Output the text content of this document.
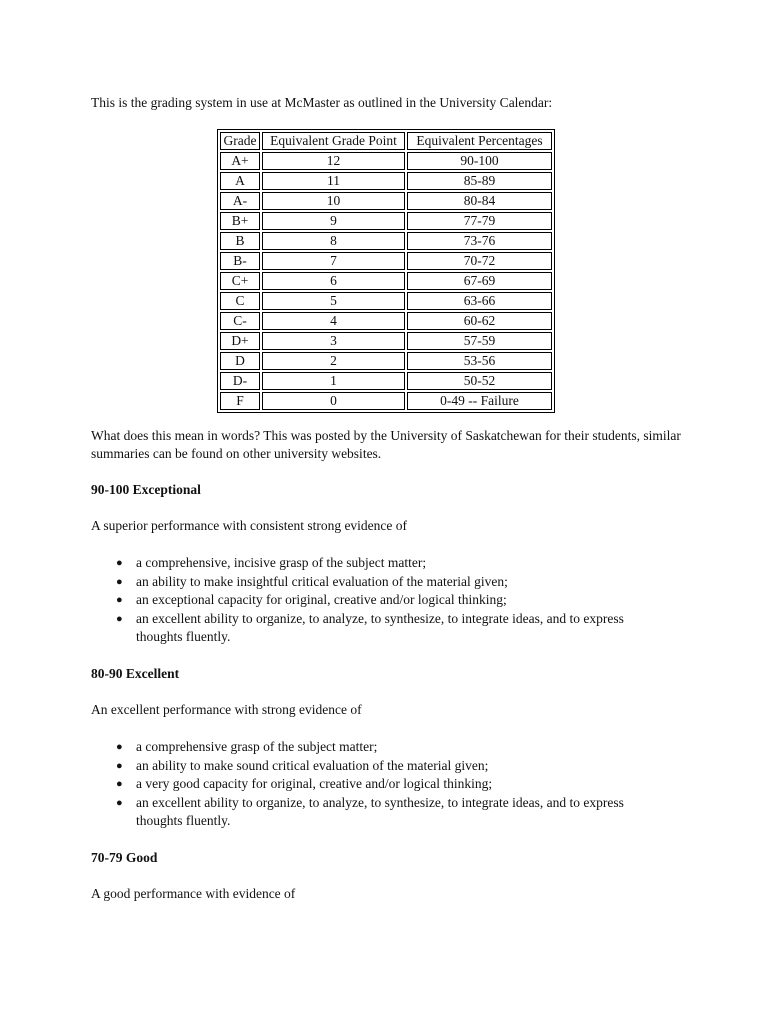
This is the grading system in use at McMaster as outlined in the University Calendar:

Grade	Equivalent Grade Point	Equivalent Percentages
A+	12	90-100
A	11	85-89
A-	10	80-84
B+	9	77-79
B	8	73-76
B-	7	70-72
C+	6	67-69
C	5	63-66
C-	4	60-62
D+	3	57-59
D	2	53-56
D-	1	50-52
F	0	0-49 -- Failure

What does this mean in words? This was posted by the University of Saskatchewan for their students, similar summaries can be found on other university websites.

90-100 Exceptional

A superior performance with consistent strong evidence of

● a comprehensive, incisive grasp of the subject matter;
● an ability to make insightful critical evaluation of the material given;
● an exceptional capacity for original, creative and/or logical thinking;
● an excellent ability to organize, to analyze, to synthesize, to integrate ideas, and to express thoughts fluently.

80-90 Excellent

An excellent performance with strong evidence of

● a comprehensive grasp of the subject matter;
● an ability to make sound critical evaluation of the material given;
● a very good capacity for original, creative and/or logical thinking;
● an excellent ability to organize, to analyze, to synthesize, to integrate ideas, and to express thoughts fluently.

70-79 Good

A good performance with evidence of
